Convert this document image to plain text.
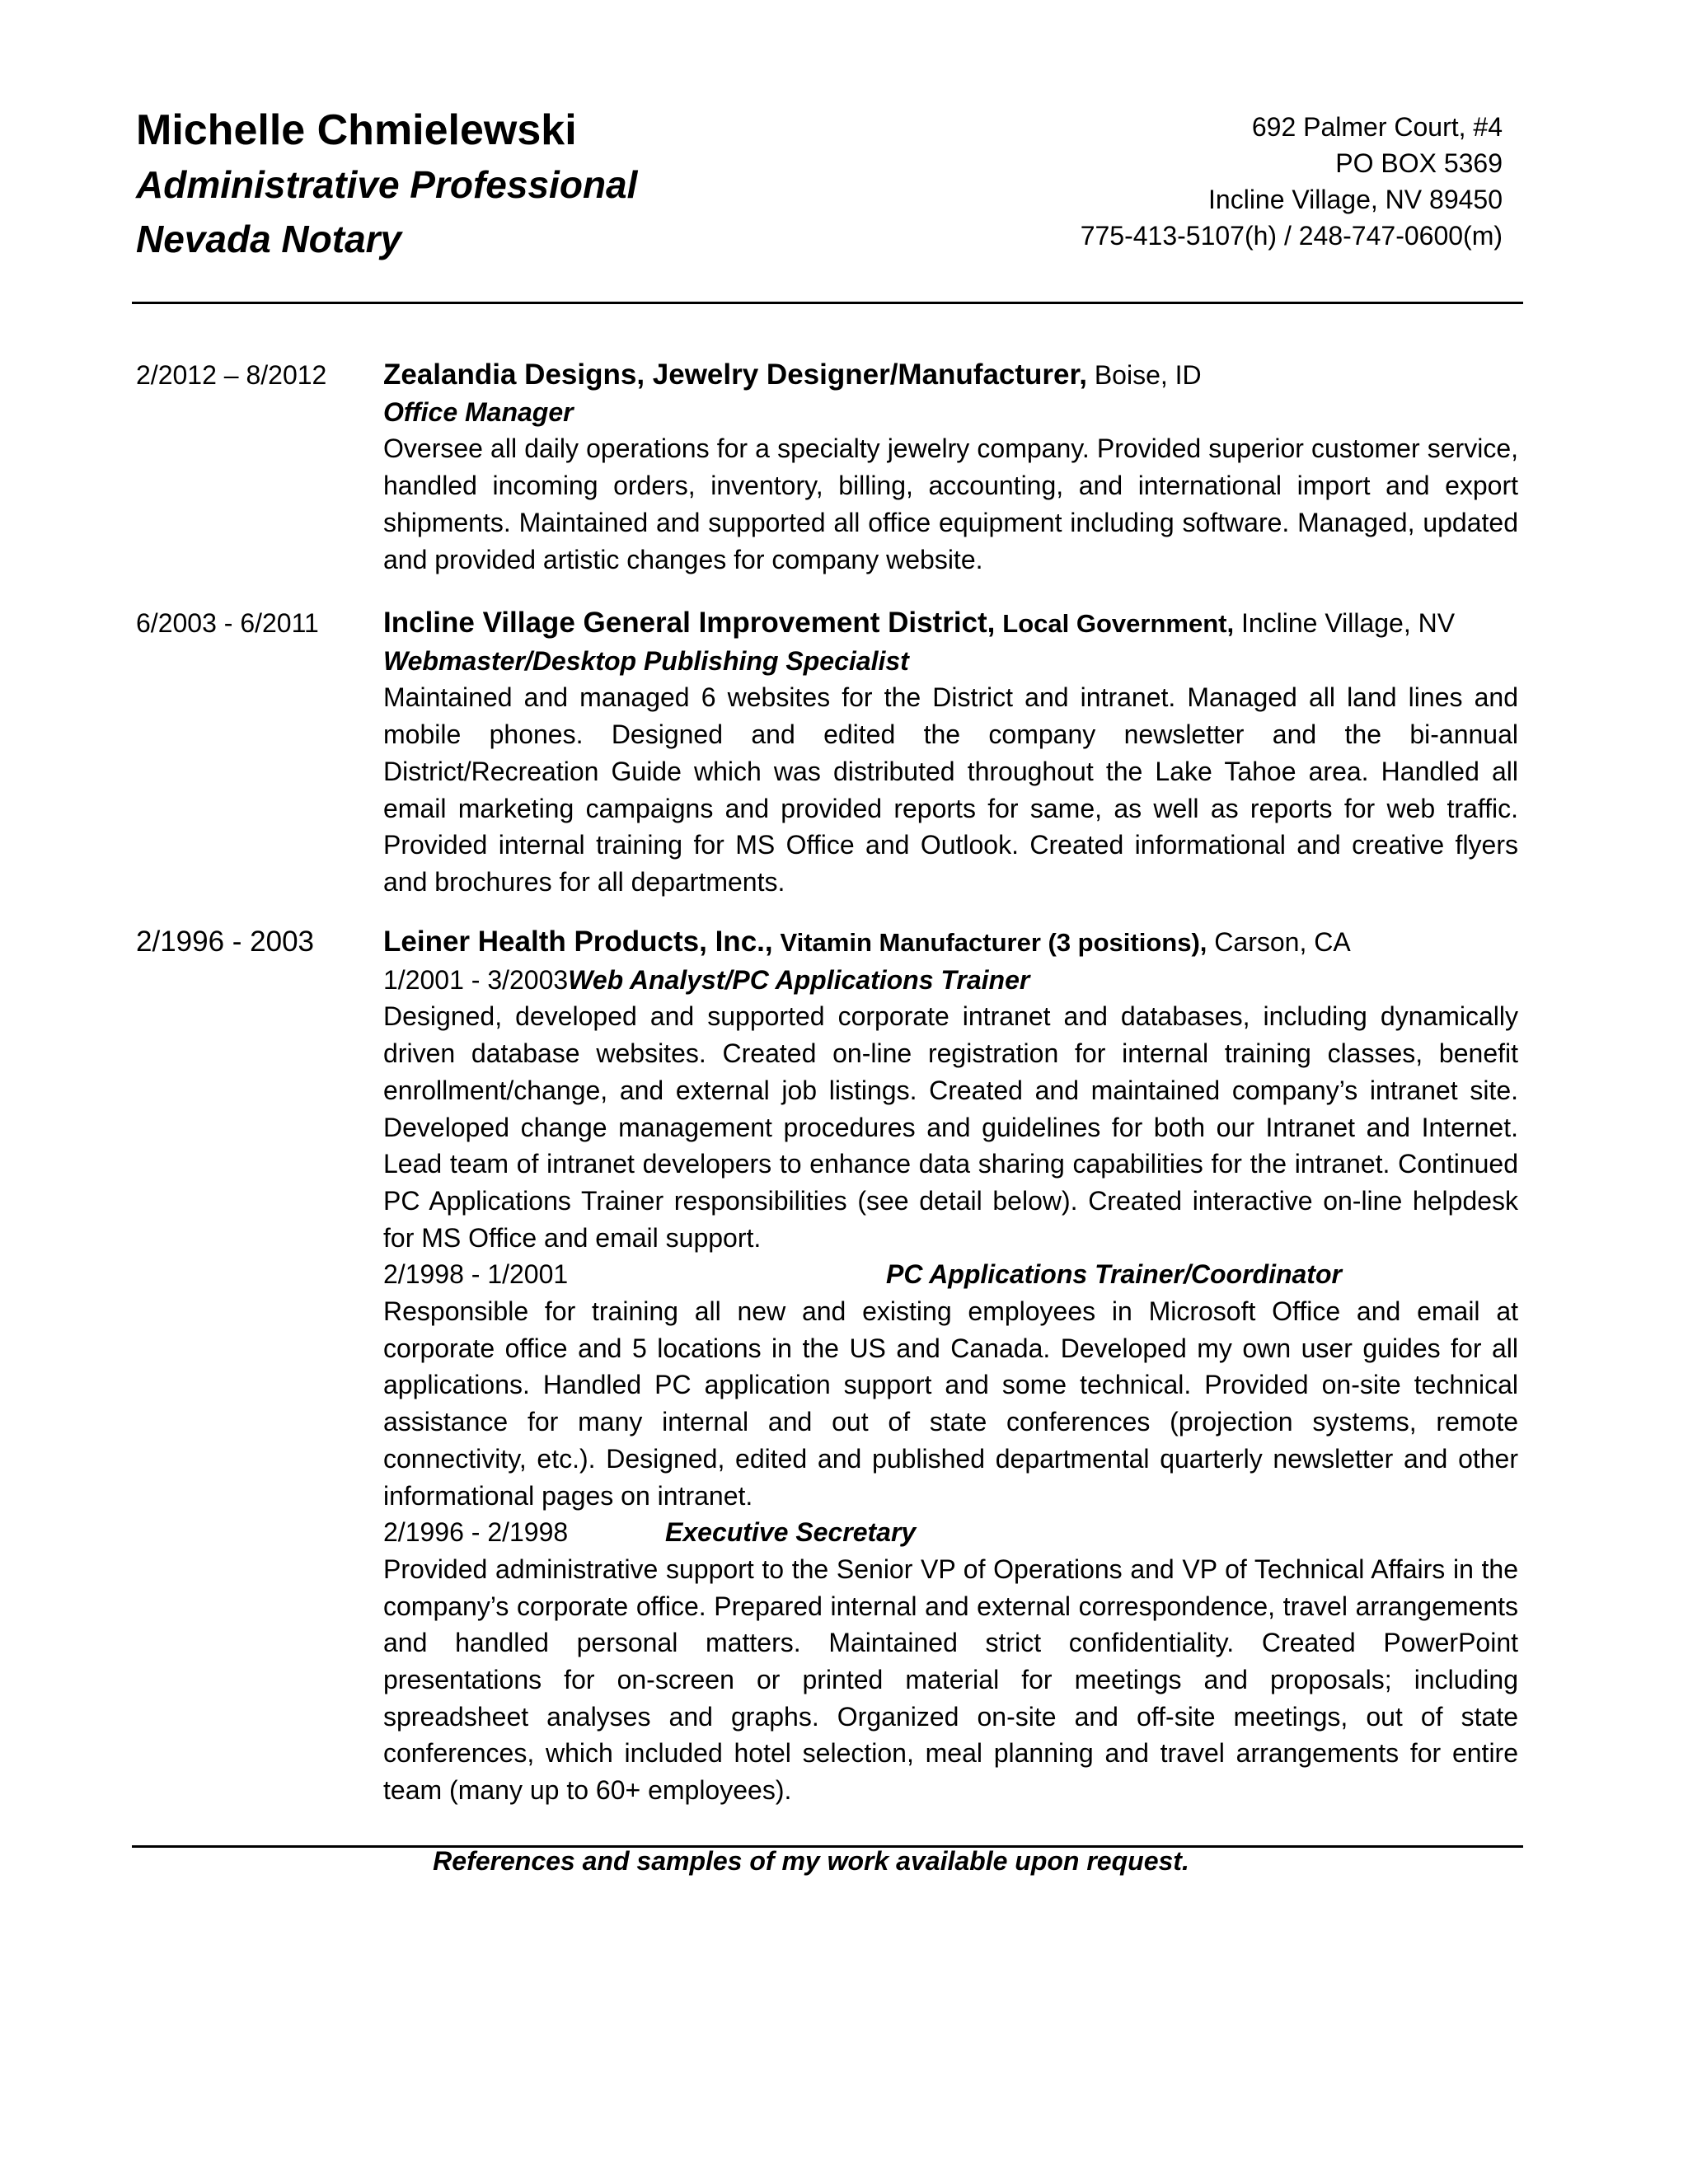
Michelle Chmielewski
Administrative Professional
Nevada Notary
692 Palmer Court, #4
PO BOX 5369
Incline Village, NV 89450
775-413-5107(h) / 248-747-0600(m)
2/2012 – 8/2012 Zealandia Designs, Jewelry Designer/Manufacturer, Boise, ID
Office Manager
Oversee all daily operations for a specialty jewelry company. Provided superior customer service, handled incoming orders, inventory, billing, accounting, and international import and export shipments. Maintained and supported all office equipment including software. Managed, updated and provided artistic changes for company website.
6/2003 - 6/2011 Incline Village General Improvement District, Local Government, Incline Village, NV
Webmaster/Desktop Publishing Specialist
Maintained and managed 6 websites for the District and intranet. Managed all land lines and mobile phones. Designed and edited the company newsletter and the bi-annual District/Recreation Guide which was distributed throughout the Lake Tahoe area. Handled all email marketing campaigns and provided reports for same, as well as reports for web traffic. Provided internal training for MS Office and Outlook. Created informational and creative flyers and brochures for all departments.
2/1996 - 2003 Leiner Health Products, Inc., Vitamin Manufacturer (3 positions), Carson, CA
1/2001 - 3/2003Web Analyst/PC Applications Trainer
Designed, developed and supported corporate intranet and databases, including dynamically driven database websites. Created on-line registration for internal training classes, benefit enrollment/change, and external job listings. Created and maintained company’s intranet site. Developed change management procedures and guidelines for both our Intranet and Internet. Lead team of intranet developers to enhance data sharing capabilities for the intranet. Continued PC Applications Trainer responsibilities (see detail below). Created interactive on-line helpdesk for MS Office and email support.
2/1998 - 1/2001	PC Applications Trainer/Coordinator
Responsible for training all new and existing employees in Microsoft Office and email at corporate office and 5 locations in the US and Canada. Developed my own user guides for all applications. Handled PC application support and some technical. Provided on-site technical assistance for many internal and out of state conferences (projection systems, remote connectivity, etc.). Designed, edited and published departmental quarterly newsletter and other informational pages on intranet.
2/1996 - 2/1998	Executive Secretary
Provided administrative support to the Senior VP of Operations and VP of Technical Affairs in the company’s corporate office. Prepared internal and external correspondence, travel arrangements and handled personal matters. Maintained strict confidentiality. Created PowerPoint presentations for on-screen or printed material for meetings and proposals; including spreadsheet analyses and graphs. Organized on-site and off-site meetings, out of state conferences, which included hotel selection, meal planning and travel arrangements for entire team (many up to 60+ employees).
References and samples of my work available upon request.
